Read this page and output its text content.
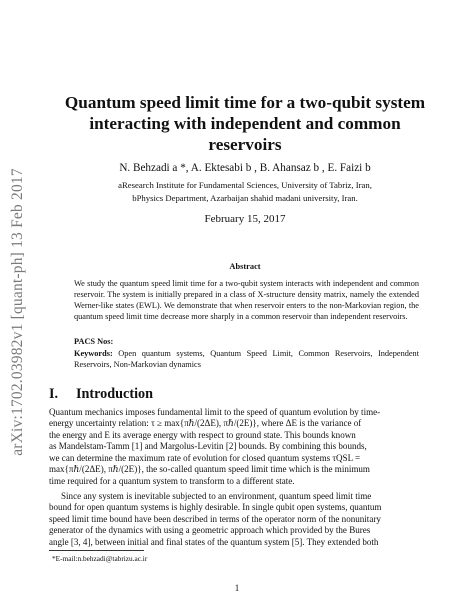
arXiv:1702.03982v1 [quant-ph] 13 Feb 2017
Quantum speed limit time for a two-qubit system interacting with independent and common reservoirs
N. Behzadi a *, A. Ektesabi b , B. Ahansaz b , E. Faizi b
aResearch Institute for Fundamental Sciences, University of Tabriz, Iran,
bPhysics Department, Azarbaijan shahid madani university, Iran.
February 15, 2017
Abstract
We study the quantum speed limit time for a two-qubit system interacts with independent and common reservoir. The system is initially prepared in a class of X-structure density matrix, namely the extended Werner-like states (EWL). We demonstrate that when reservoir enters to the non-Markovian region, the quantum speed limit time decrease more sharply in a common reservoir than independent reservoirs.
PACS Nos:
Keywords: Open quantum systems, Quantum Speed Limit, Common Reservoirs, Independent Reservoirs, Non-Markovian dynamics
I. Introduction
Quantum mechanics imposes fundamental limit to the speed of quantum evolution by time-
energy uncertainty relation: τ ≥ max{πℏ/(2ΔE), πℏ/(2E)}, where ΔE is the variance of
the energy and E its average energy with respect to ground state. This bounds known
as Mandelstam-Tamm [1] and Margolus-Levitin [2] bounds. By combining this bounds,
we can determine the maximum rate of evolution for closed quantum systems τQSL =
max{πℏ/(2ΔE), πℏ/(2E)}, the so-called quantum speed limit time which is the minimum
time required for a quantum system to transform to a different state.
Since any system is inevitable subjected to an environment, quantum speed limit time
bound for open quantum systems is highly desirable. In single qubit open systems, quantum
speed limit time bound have been described in terms of the operator norm of the nonunitary
generator of the dynamics with using a geometric approach which provided by the Bures
angle [3, 4], between initial and final states of the quantum system [5]. They extended both
*E-mail:n.behzadi@tabrizu.ac.ir
1
